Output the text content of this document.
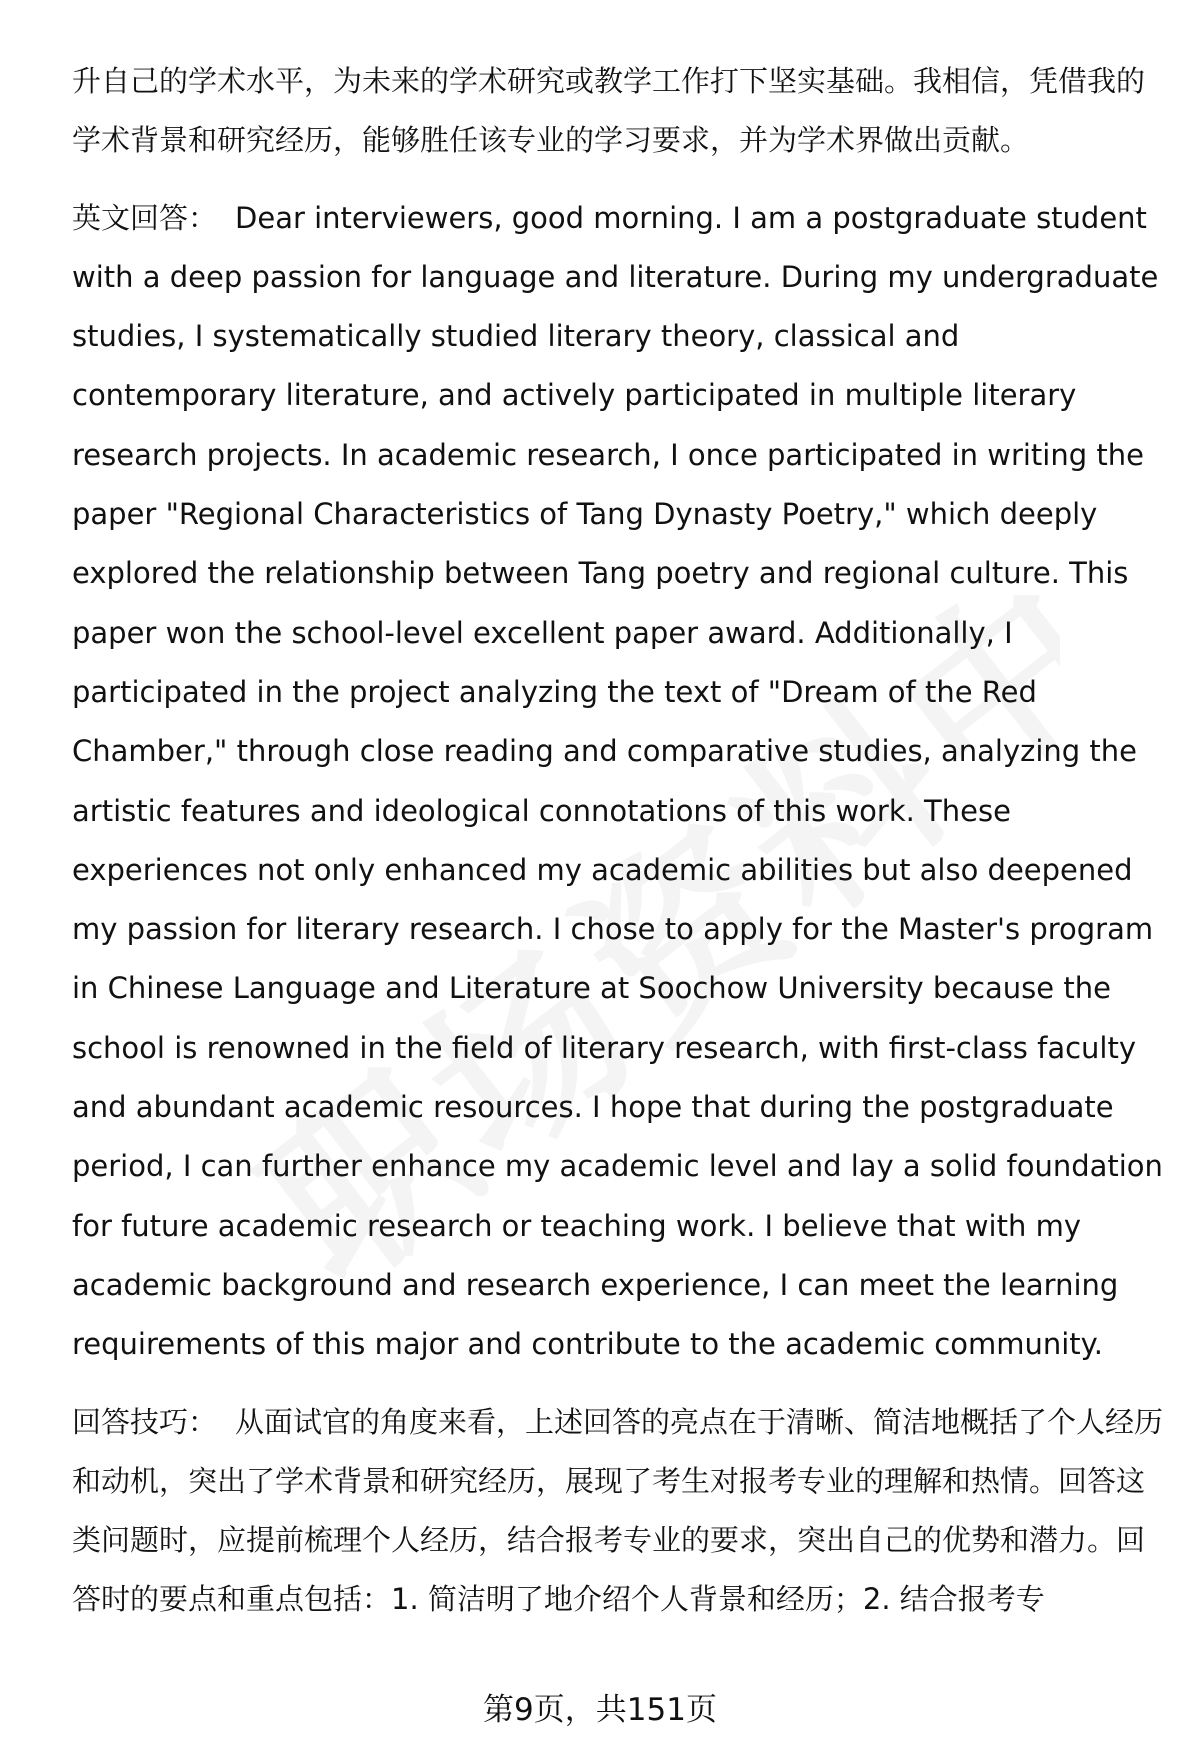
升自己的学术水平，为未来的学术研究或教学工作打下坚实基础。我相信，凭借我的学术背景和研究经历，能够胜任该专业的学习要求，并为学术界做出贡献。

英文回答： Dear interviewers, good morning. I am a postgraduate student with a deep passion for language and literature. During my undergraduate studies, I systematically studied literary theory, classical and contemporary literature, and actively participated in multiple literary research projects. In academic research, I once participated in writing the paper "Regional Characteristics of Tang Dynasty Poetry," which deeply explored the relationship between Tang poetry and regional culture. This paper won the school-level excellent paper award. Additionally, I participated in the project analyzing the text of "Dream of the Red Chamber," through close reading and comparative studies, analyzing the artistic features and ideological connotations of this work. These experiences not only enhanced my academic abilities but also deepened my passion for literary research. I chose to apply for the Master's program in Chinese Language and Literature at Soochow University because the school is renowned in the field of literary research, with first-class faculty and abundant academic resources. I hope that during the postgraduate period, I can further enhance my academic level and lay a solid foundation for future academic research or teaching work. I believe that with my academic background and research experience, I can meet the learning requirements of this major and contribute to the academic community.

回答技巧： 从面试官的角度来看，上述回答的亮点在于清晰、简洁地概括了个人经历和动机，突出了学术背景和研究经历，展现了考生对报考专业的理解和热情。回答这类问题时，应提前梳理个人经历，结合报考专业的要求，突出自己的优势和潜力。回答时的要点和重点包括：1. 简洁明了地介绍个人背景和经历；2. 结合报考专

第9页，共151页
